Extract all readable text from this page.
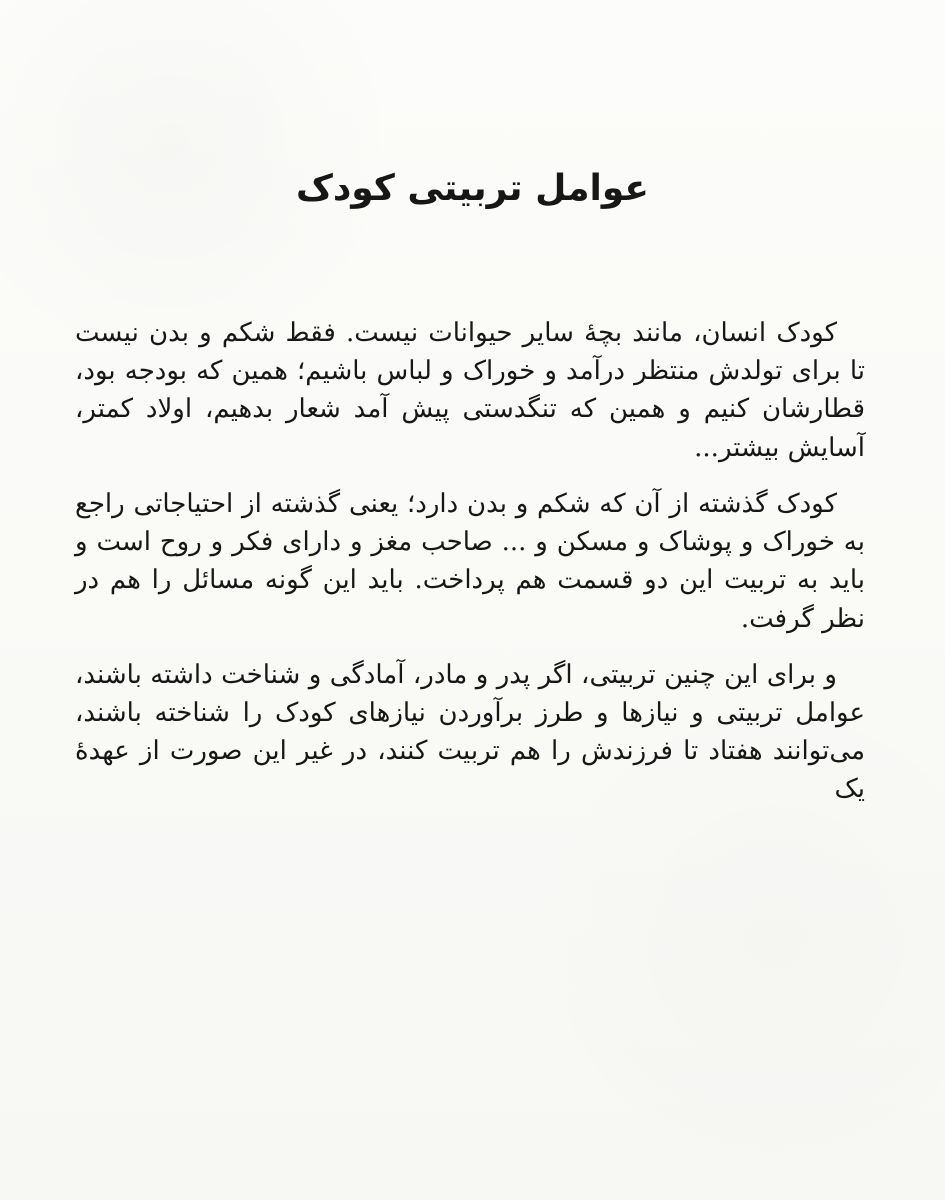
عوامل تربیتی کودک

کودک انسان، مانند بچهٔ سایر حیوانات نیست. فقط شکم و بدن نیست تا برای تولدش منتظر درآمد و خوراک و لباس باشیم؛ همین که بودجه بود، قطارشان کنیم و همین که تنگدستی پیش آمد شعار بدهیم، اولاد کمتر، آسایش بیشتر...

کودک گذشته از آن که شکم و بدن دارد؛ یعنی گذشته از احتیاجاتی راجع به خوراک و پوشاک و مسکن و ... صاحب مغز و دارای فکر و روح است و باید به تربیت این دو قسمت هم پرداخت. باید این گونه مسائل را هم در نظر گرفت.

و برای این چنین تربیتی، اگر پدر و مادر، آمادگی و شناخت داشته باشند، عوامل تربیتی و نیازها و طرز برآوردن نیازهای کودک را شناخته باشند، می‌توانند هفتاد تا فرزندش را هم تربیت کنند، در غیر این صورت از عهدهٔ یک
